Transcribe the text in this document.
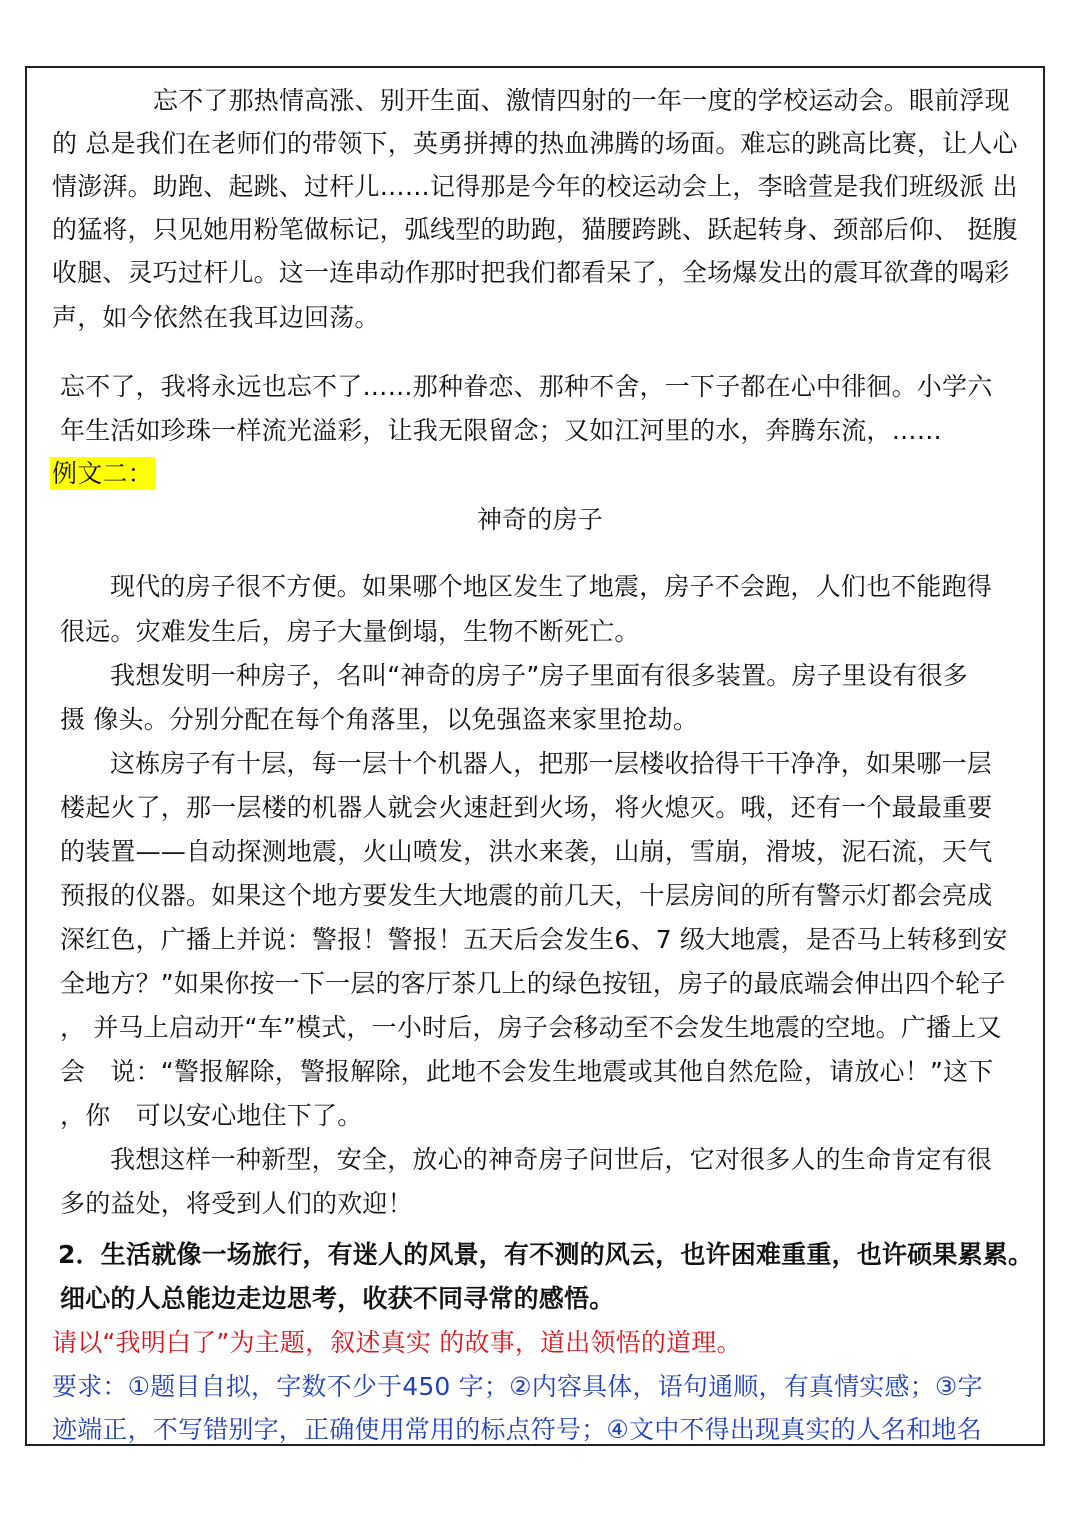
忘不了那热情高涨、别开生面、激情四射的一年一度的学校运动会。眼前浮现
的 总是我们在老师们的带领下，英勇拼搏的热血沸腾的场面。难忘的跳高比赛，让人心
情澎湃。助跑、起跳、过杆儿……记得那是今年的校运动会上，李晗萱是我们班级派 出
的猛将，只见她用粉笔做标记，弧线型的助跑，猫腰跨跳、跃起转身、颈部后仰、 挺腹
收腿、灵巧过杆儿。这一连串动作那时把我们都看呆了，全场爆发出的震耳欲聋的喝彩
声，如今依然在我耳边回荡。
忘不了，我将永远也忘不了……那种眷恋、那种不舍，一下子都在心中徘徊。小学六
年生活如珍珠一样流光溢彩，让我无限留念；又如江河里的水，奔腾东流，……
例文二：
神奇的房子
现代的房子很不方便。如果哪个地区发生了地震，房子不会跑，人们也不能跑得
很远。灾难发生后，房子大量倒塌，生物不断死亡。
我想发明一种房子，名叫“神奇的房子”房子里面有很多装置。房子里设有很多
摄 像头。分别分配在每个角落里，以免强盗来家里抢劫。
这栋房子有十层，每一层十个机器人，把那一层楼收拾得干干净净，如果哪一层
楼起火了，那一层楼的机器人就会火速赶到火场，将火熄灭。哦，还有一个最最重要
的装置——自动探测地震，火山喷发，洪水来袭，山崩，雪崩，滑坡，泥石流，天气
预报的仪器。如果这个地方要发生大地震的前几天，十层房间的所有警示灯都会亮成
深红色，广播上并说：警报！警报！五天后会发生6、7 级大地震，是否马上转移到安
全地方？”如果你按一下一层的客厅茶几上的绿色按钮，房子的最底端会伸出四个轮子
， 并马上启动开“车”模式，一小时后，房子会移动至不会发生地震的空地。广播上又
会　说：“警报解除，警报解除，此地不会发生地震或其他自然危险，请放心！”这下
，你　可以安心地住下了。
我想这样一种新型，安全，放心的神奇房子问世后，它对很多人的生命肯定有很
多的益处，将受到人们的欢迎！
2．生活就像一场旅行，有迷人的风景，有不测的风云，也许困难重重，也许硕果累累。
细心的人总能边走边思考，收获不同寻常的感悟。
请以“我明白了”为主题，叙述真实 的故事，道出领悟的道理。
要求：①题目自拟，字数不少于450 字；②内容具体，语句通顺，有真情实感；③字
迹端正，不写错别字，正确使用常用的标点符号；④文中不得出现真实的人名和地名
